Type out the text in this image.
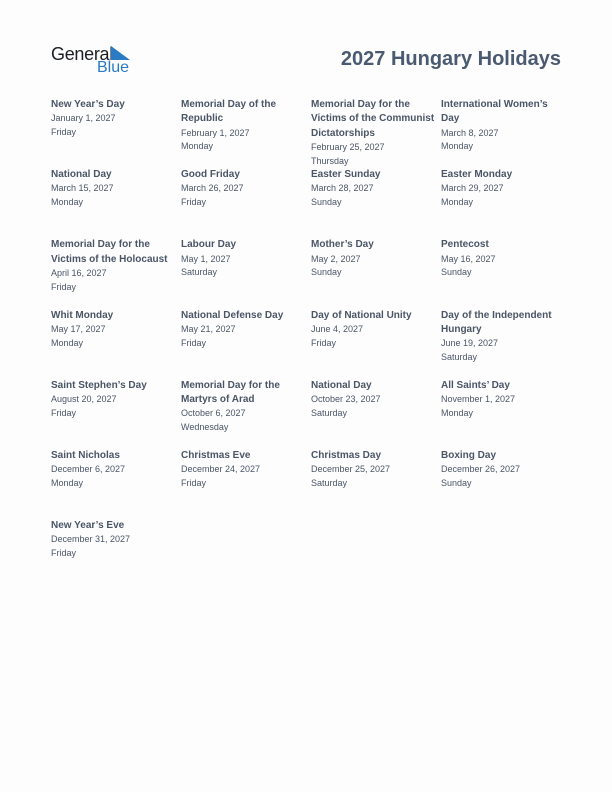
General
Blue	2027 Hungary Holidays
New Year’s Day
January 1, 2027
Friday
Memorial Day of the Republic
February 1, 2027
Monday
Memorial Day for the Victims of the Communist Dictatorships
February 25, 2027
Thursday
International Women’s Day
March 8, 2027
Monday
National Day
March 15, 2027
Monday
Good Friday
March 26, 2027
Friday
Easter Sunday
March 28, 2027
Sunday
Easter Monday
March 29, 2027
Monday
Memorial Day for the Victims of the Holocaust
April 16, 2027
Friday
Labour Day
May 1, 2027
Saturday
Mother’s Day
May 2, 2027
Sunday
Pentecost
May 16, 2027
Sunday
Whit Monday
May 17, 2027
Monday
National Defense Day
May 21, 2027
Friday
Day of National Unity
June 4, 2027
Friday
Day of the Independent Hungary
June 19, 2027
Saturday
Saint Stephen’s Day
August 20, 2027
Friday
Memorial Day for the Martyrs of Arad
October 6, 2027
Wednesday
National Day
October 23, 2027
Saturday
All Saints’ Day
November 1, 2027
Monday
Saint Nicholas
December 6, 2027
Monday
Christmas Eve
December 24, 2027
Friday
Christmas Day
December 25, 2027
Saturday
Boxing Day
December 26, 2027
Sunday
New Year’s Eve
December 31, 2027
Friday
